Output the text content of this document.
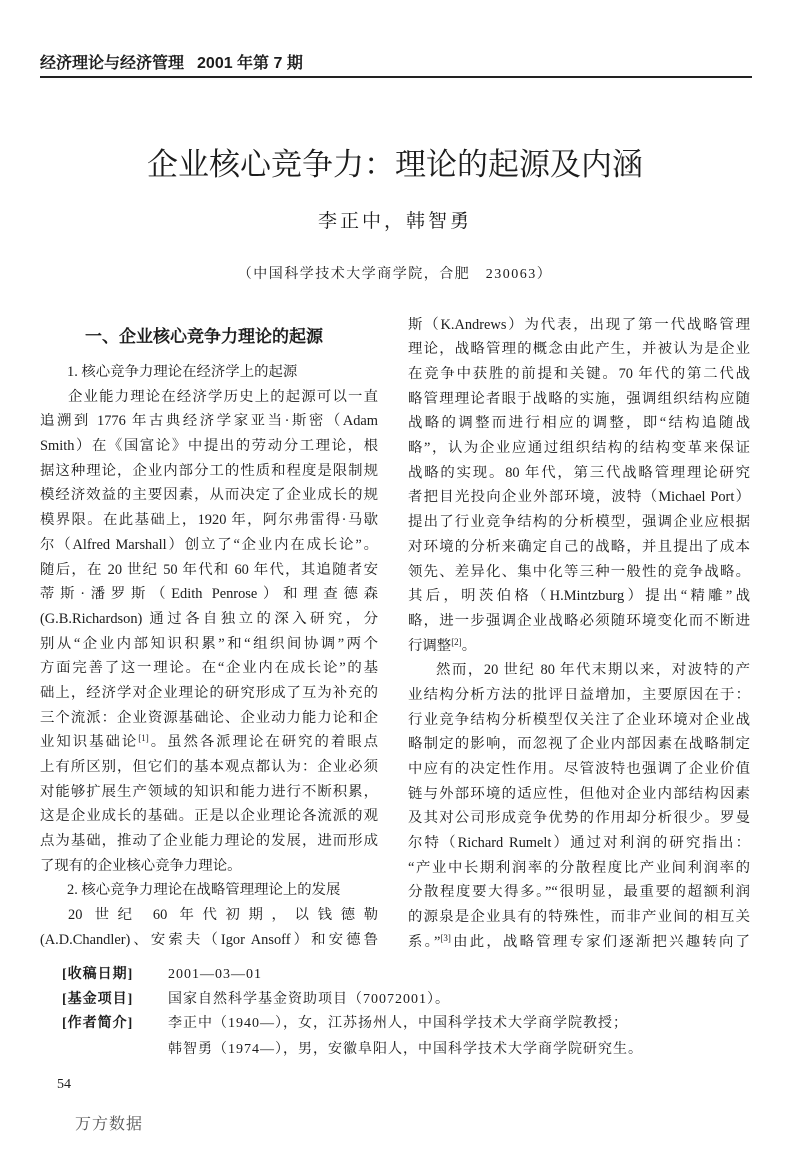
经济理论与经济管理 2001 年第 7 期
企业核心竞争力：理论的起源及内涵
李正中，韩智勇
（中国科学技术大学商学院，合肥　230063）
一、企业核心竞争力理论的起源
1. 核心竞争力理论在经济学上的起源
企业能力理论在经济学历史上的起源可以一直
追溯到 1776 年古典经济学家亚当·斯密（Adam
Smith）在《国富论》中提出的劳动分工理论，根
据这种理论，企业内部分工的性质和程度是限制规
模经济效益的主要因素，从而决定了企业成长的规
模界限。在此基础上，1920 年，阿尔弗雷得·马歇
尔（Alfred Marshall）创立了“企业内在成长论”。
随后，在 20 世纪 50 年代和 60 年代，其追随者安
蒂斯·潘罗斯（Edith Penrose）和理查德森
(G.B.Richardson) 通过各自独立的深入研究，分
别从“企业内部知识积累”和“组织间协调”两个
方面完善了这一理论。在“企业内在成长论”的基
础上，经济学对企业理论的研究形成了互为补充的
三个流派：企业资源基础论、企业动力能力论和企
业知识基础论[1]。虽然各派理论在研究的着眼点
上有所区别，但它们的基本观点都认为：企业必须
对能够扩展生产领域的知识和能力进行不断积累，
这是企业成长的基础。正是以企业理论各流派的观
点为基础，推动了企业能力理论的发展，进而形成
了现有的企业核心竞争力理论。
2. 核心竞争力理论在战略管理理论上的发展
20 世纪 60 年代初期，以钱德勒
(A.D.Chandler)、安索夫（Igor Ansoff）和安德鲁
斯（K.Andrews）为代表，出现了第一代战略管理
理论，战略管理的概念由此产生，并被认为是企业
在竞争中获胜的前提和关键。70 年代的第二代战
略管理理论者眼于战略的实施，强调组织结构应随
战略的调整而进行相应的调整，即“结构追随战
略”，认为企业应通过组织结构的结构变革来保证
战略的实现。80 年代，第三代战略管理理论研究
者把目光投向企业外部环境，波特（Michael Port）
提出了行业竞争结构的分析模型，强调企业应根据
对环境的分析来确定自己的战略，并且提出了成本
领先、差异化、集中化等三种一般性的竞争战略。
其后，明茨伯格（H.Mintzburg）提出“精雕”战
略，进一步强调企业战略必须随环境变化而不断进
行调整[2]。
然而，20 世纪 80 年代末期以来，对波特的产
业结构分析方法的批评日益增加，主要原因在于：
行业竞争结构分析模型仅关注了企业环境对企业战
略制定的影响，而忽视了企业内部因素在战略制定
中应有的决定性作用。尽管波特也强调了企业价值
链与外部环境的适应性，但他对企业内部结构因素
及其对公司形成竞争优势的作用却分析很少。罗曼
尔特（Richard Rumelt）通过对利润的研究指出：
“产业中长期利润率的分散程度比产业间利润率的
分散程度要大得多。”“很明显，最重要的超额利润
的源泉是企业具有的特殊性，而非产业间的相互关
系。”[3]由此，战略管理专家们逐渐把兴趣转向了
[收稿日期] 2001—03—01
[基金项目] 国家自然科学基金资助项目（70072001）。
[作者简介] 李正中（1940—），女，江苏扬州人，中国科学技术大学商学院教授；
韩智勇（1974—），男，安徽阜阳人，中国科学技术大学商学院研究生。
54
万方数据
